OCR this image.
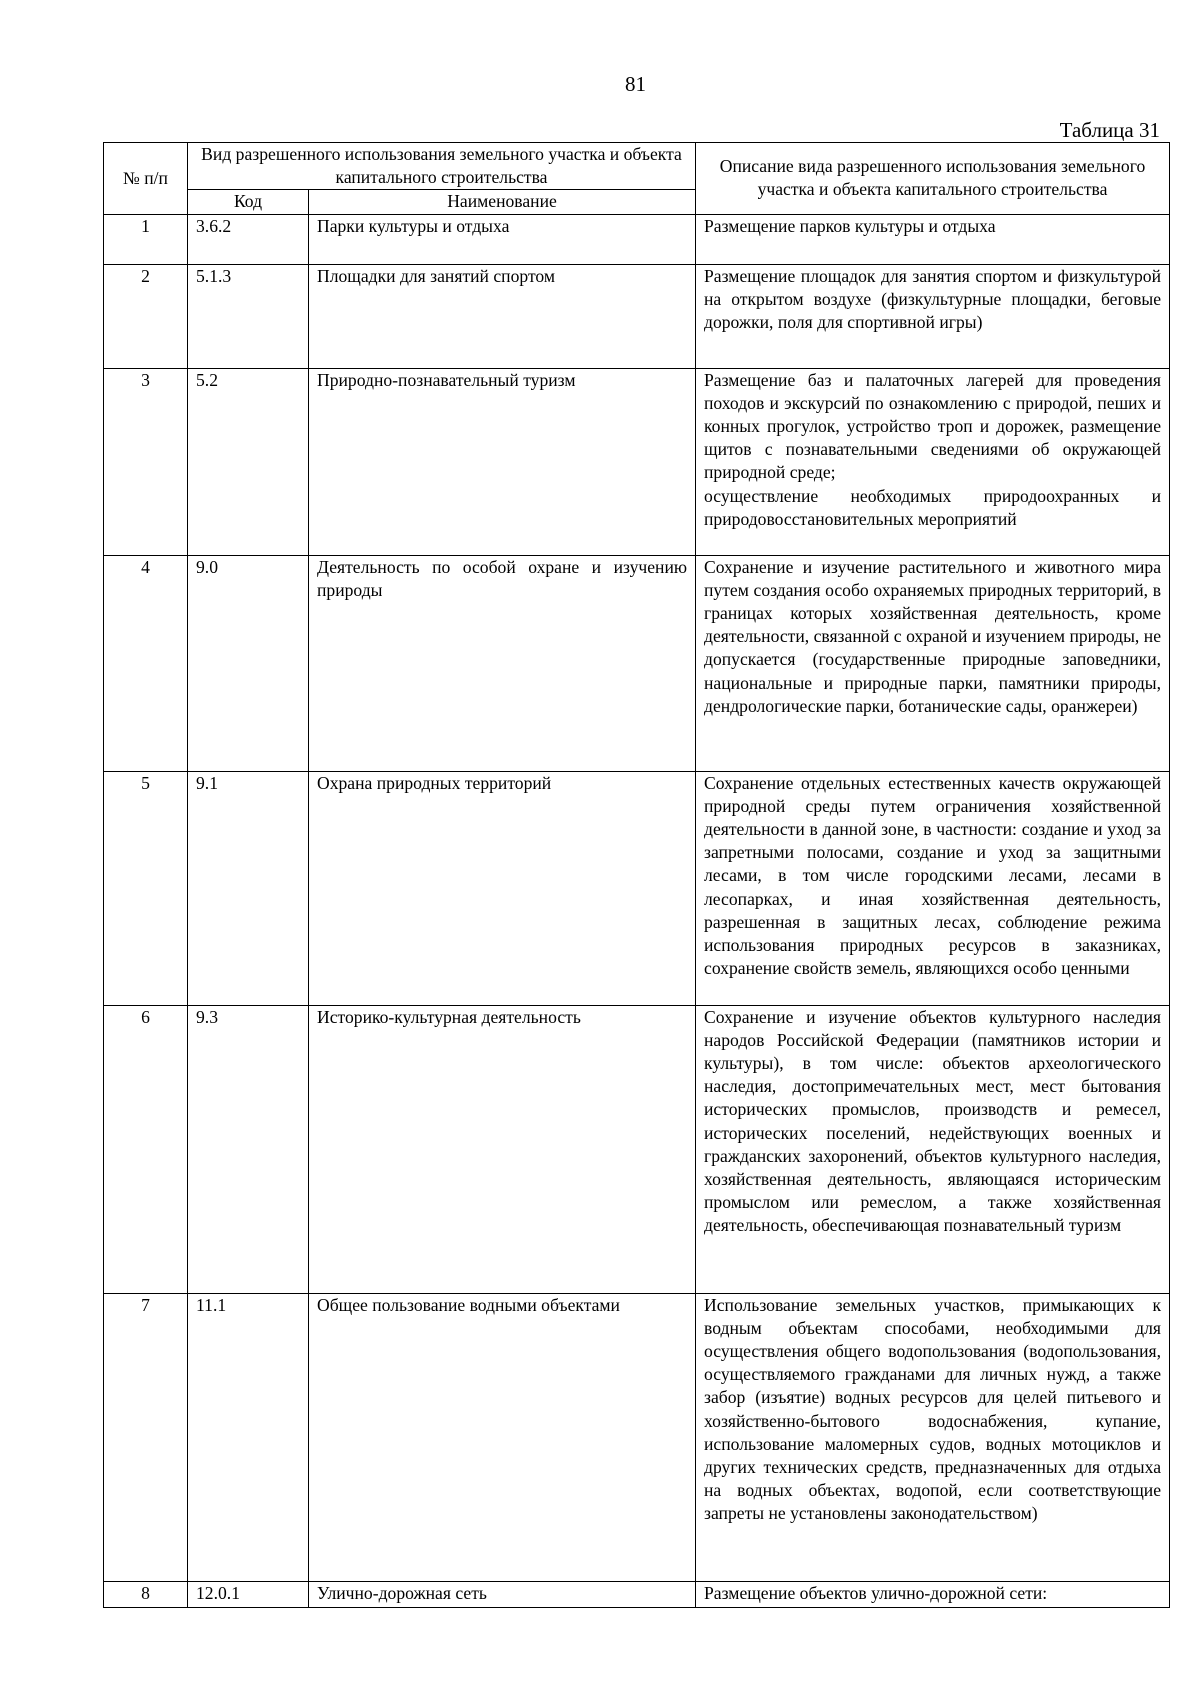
81
Таблица 31
№ п/п	Вид разрешенного использования земельного участка и объекта капитального строительства		Описание вида разрешенного использования земельного участка и объекта капитального строительства
	Код	Наименование	
1	3.6.2	Парки культуры и отдыха	Размещение парков культуры и отдыха
2	5.1.3	Площадки для занятий спортом	Размещение площадок для занятия спортом и физкультурой на открытом воздухе (физкультурные площадки, беговые дорожки, поля для спортивной игры)
3	5.2	Природно-познавательный туризм	Размещение баз и палаточных лагерей для проведения походов и экскурсий по ознакомлению с природой, пеших и конных прогулок, устройство троп и дорожек, размещение щитов с познавательными сведениями об окружающей природной среде;
осуществление необходимых природоохранных и природовосстановительных мероприятий

4	9.0	Деятельность по особой охране и изучению природы	Сохранение и изучение растительного и животного мира путем создания особо охраняемых природных территорий, в границах которых хозяйственная деятельность, кроме деятельности, связанной с охраной и изучением природы, не допускается (государственные природные заповедники, национальные и природные парки, памятники природы, дендрологические парки, ботанические сады, оранжереи)
5	9.1	Охрана природных территорий	Сохранение отдельных естественных качеств окружающей природной среды путем ограничения хозяйственной деятельности в данной зоне, в частности: создание и уход за запретными полосами, создание и уход за защитными лесами, в том числе городскими лесами, лесами в лесопарках, и иная хозяйственная деятельность, разрешенная в защитных лесах, соблюдение режима использования природных ресурсов в заказниках, сохранение свойств земель, являющихся особо ценными
6	9.3	Историко-культурная деятельность	Сохранение и изучение объектов культурного наследия народов Российской Федерации (памятников истории и культуры), в том числе: объектов археологического наследия, достопримечательных мест, мест бытования исторических промыслов, производств и ремесел, исторических поселений, недействующих военных и гражданских захоронений, объектов культурного наследия, хозяйственная деятельность, являющаяся историческим промыслом или ремеслом, а также хозяйственная деятельность, обеспечивающая познавательный туризм
7	11.1	Общее пользование водными объектами	Использование земельных участков, примыкающих к водным объектам способами, необходимыми для осуществления общего водопользования (водопользования, осуществляемого гражданами для личных нужд, а также забор (изъятие) водных ресурсов для целей питьевого и хозяйственно-бытового водоснабжения, купание, использование маломерных судов, водных мотоциклов и других технических средств, предназначенных для отдыха на водных объектах, водопой, если соответствующие запреты не установлены законодательством)
8	12.0.1	Улично-дорожная сеть	Размещение объектов улично-дорожной сети:
